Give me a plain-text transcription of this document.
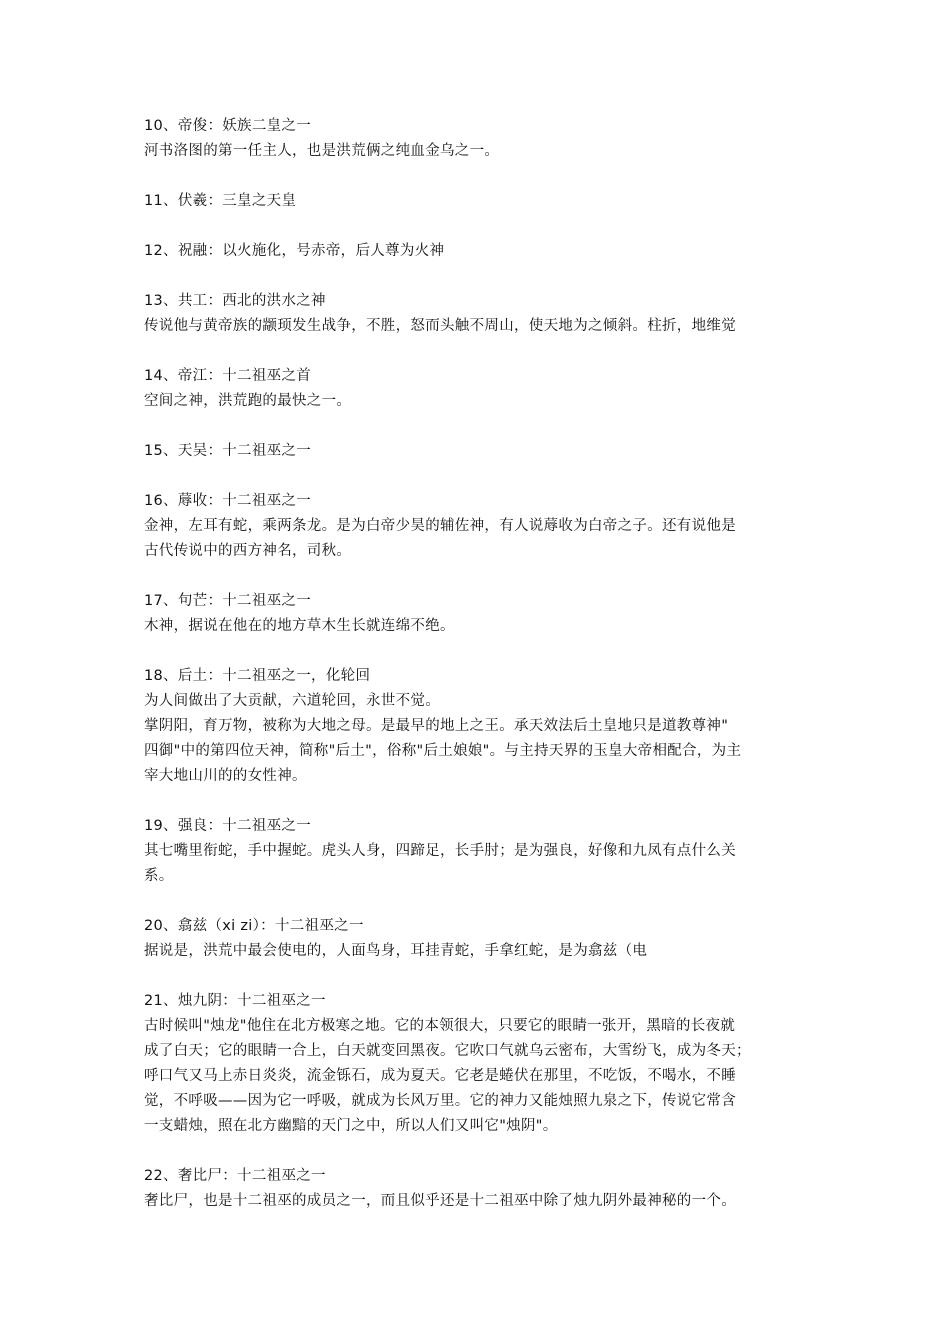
10、帝俊：妖族二皇之一
河书洛图的第一任主人，也是洪荒俩之纯血金乌之一。
11、伏羲：三皇之天皇
12、祝融：以火施化，号赤帝，后人尊为火神
13、共工：西北的洪水之神
传说他与黄帝族的颛顼发生战争，不胜，怒而头触不周山，使天地为之倾斜。柱折，地维觉
14、帝江：十二祖巫之首
空间之神，洪荒跑的最快之一。
15、天吴：十二祖巫之一
16、蓐收：十二祖巫之一
金神，左耳有蛇，乘两条龙。是为白帝少昊的辅佐神，有人说蓐收为白帝之子。还有说他是
古代传说中的西方神名，司秋。
17、句芒：十二祖巫之一
木神，据说在他在的地方草木生长就连绵不绝。
18、后土：十二祖巫之一，化轮回
为人间做出了大贡献，六道轮回，永世不觉。
掌阴阳，育万物，被称为大地之母。是最早的地上之王。承天效法后土皇地只是道教尊神"
四御"中的第四位天神，简称"后土"，俗称"后土娘娘"。与主持天界的玉皇大帝相配合，为主
宰大地山川的的女性神。
19、强良：十二祖巫之一
其七嘴里衔蛇，手中握蛇。虎头人身，四蹄足，长手肘；是为强良，好像和九凤有点什么关
系。
20、翕兹（xi zi）：十二祖巫之一
据说是，洪荒中最会使电的，人面鸟身，耳挂青蛇，手拿红蛇，是为翕兹（电
21、烛九阴：十二祖巫之一
古时候叫"烛龙"他住在北方极寒之地。它的本领很大，只要它的眼睛一张开，黑暗的长夜就
成了白天；它的眼睛一合上，白天就变回黑夜。它吹口气就乌云密布，大雪纷飞，成为冬天；
呼口气又马上赤日炎炎，流金铄石，成为夏天。它老是蜷伏在那里，不吃饭，不喝水，不睡
觉，不呼吸——因为它一呼吸，就成为长风万里。它的神力又能烛照九泉之下，传说它常含
一支蜡烛，照在北方幽黯的天门之中，所以人们又叫它"烛阴"。
22、奢比尸：十二祖巫之一
奢比尸，也是十二祖巫的成员之一，而且似乎还是十二祖巫中除了烛九阴外最神秘的一个。
